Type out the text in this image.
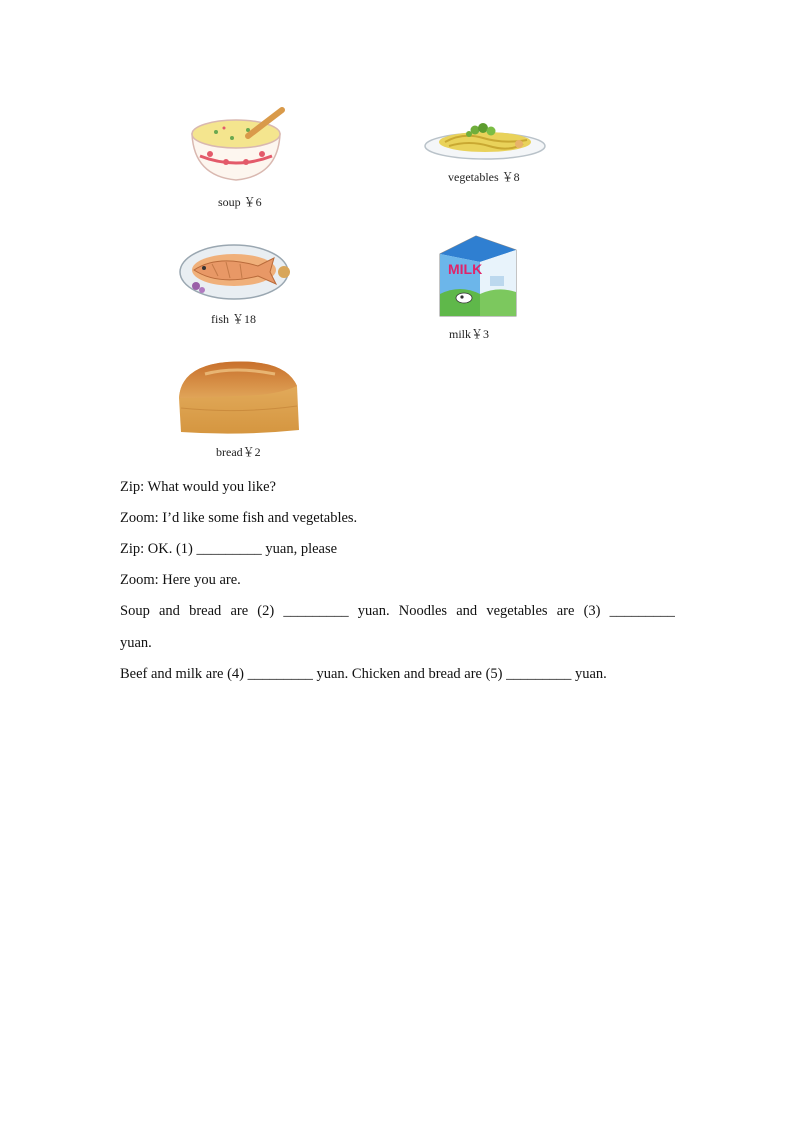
soup ￥6
vegetables ￥8
fish ￥18
MILK
milk￥3
bread￥2
Zip: What would you like?
Zoom: I’d like some fish and vegetables.
Zip: OK. (1) _________ yuan, please
Zoom: Here you are.
Soup and bread are (2) _________ yuan. Noodles and vegetables are (3) _________
yuan.
Beef and milk are (4) _________ yuan. Chicken and bread are (5) _________ yuan.
